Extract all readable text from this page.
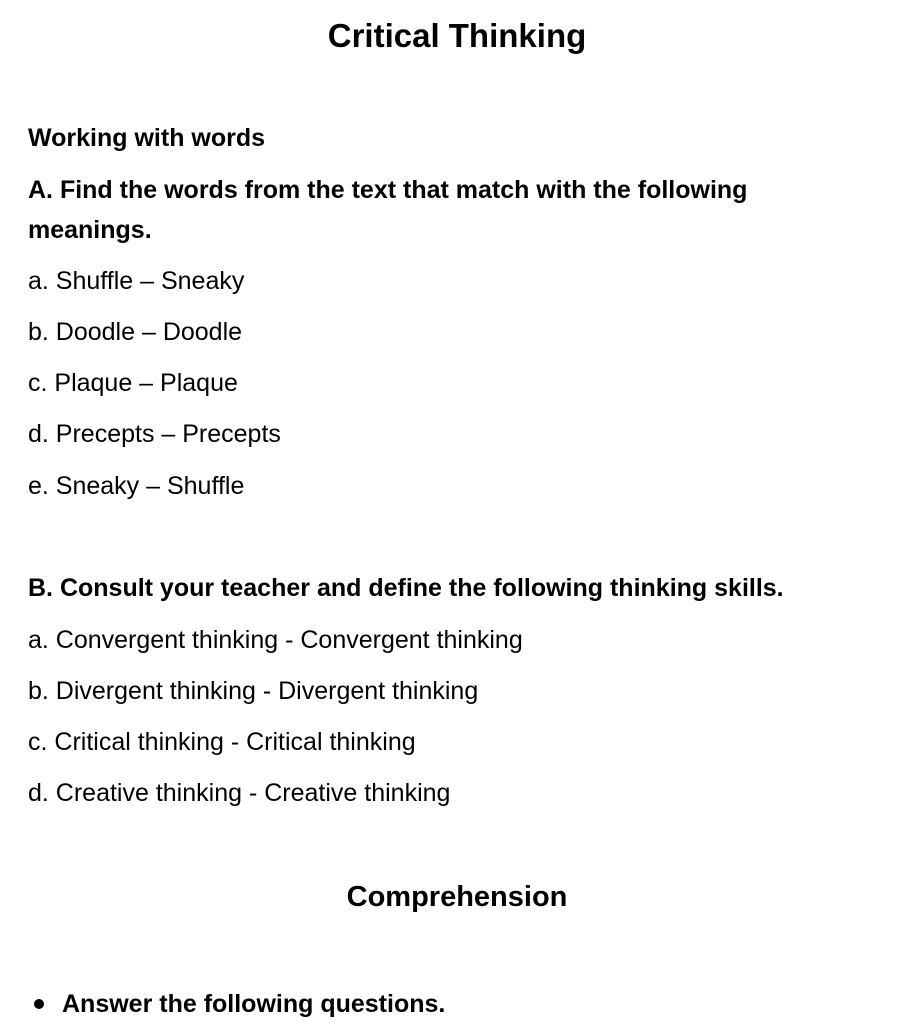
Critical Thinking
Working with words
A. Find the words from the text that match with the following meanings.
a. Shuffle – Sneaky
b. Doodle – Doodle
c. Plaque – Plaque
d. Precepts – Precepts
e. Sneaky – Shuffle
B. Consult your teacher and define the following thinking skills.
a. Convergent thinking - Convergent thinking
b. Divergent thinking - Divergent thinking
c. Critical thinking - Critical thinking
d. Creative thinking - Creative thinking
Comprehension
Answer the following questions.
